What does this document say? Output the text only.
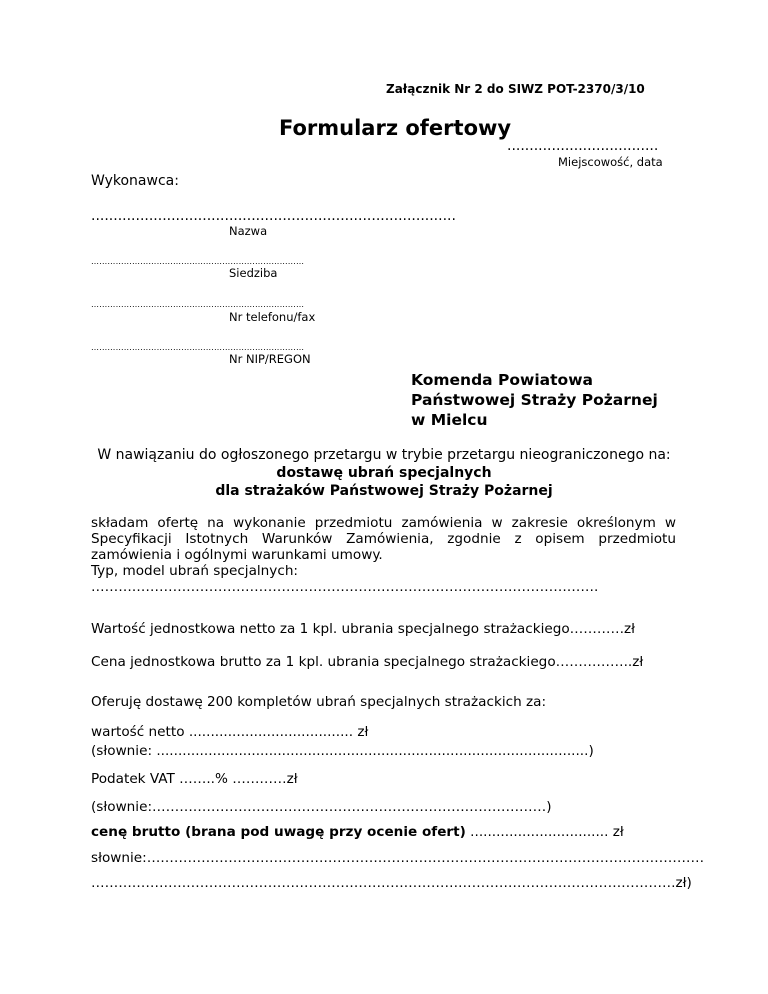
Załącznik Nr 2 do SIWZ POT-2370/3/10
Formularz ofertowy
..................................
Miejscowość, data
Wykonawca:
..................................................................................
Nazwa
……………………………………………………………………
Siedziba
……………………………………………………………………
Nr telefonu/fax
……………………………………………………………………
Nr NIP/REGON
Komenda Powiatowa
Państwowej Straży Pożarnej
w Mielcu
W nawiązaniu do ogłoszonego przetargu w trybie przetargu nieograniczonego na:
dostawę ubrań specjalnych
dla strażaków Państwowej Straży Pożarnej
składam ofertę na wykonanie przedmiotu zamówienia w zakresie określonym w Specyfikacji Istotnych Warunków Zamówienia, zgodnie z opisem przedmiotu zamówienia i ogólnymi warunkami umowy.
Typ, model ubrań specjalnych:
………………………………………………………………………………………………….
Wartość jednostkowa netto za 1 kpl. ubrania specjalnego strażackiego…………zł
Cena jednostkowa brutto za 1 kpl. ubrania specjalnego strażackiego……………..zł
Oferuję dostawę 200 kompletów ubrań specjalnych strażackich za:
wartość netto ...................................... zł
(słownie: ....................................................................................................)
Podatek VAT ……..% …………zł
(słownie:……………………………………………………………………………)
cenę brutto (brana pod uwagę przy ocenie ofert) ................................ zł
słownie:……………………………………………………………………………………………………………
…………………………………………………………………………………………………………………zł)
